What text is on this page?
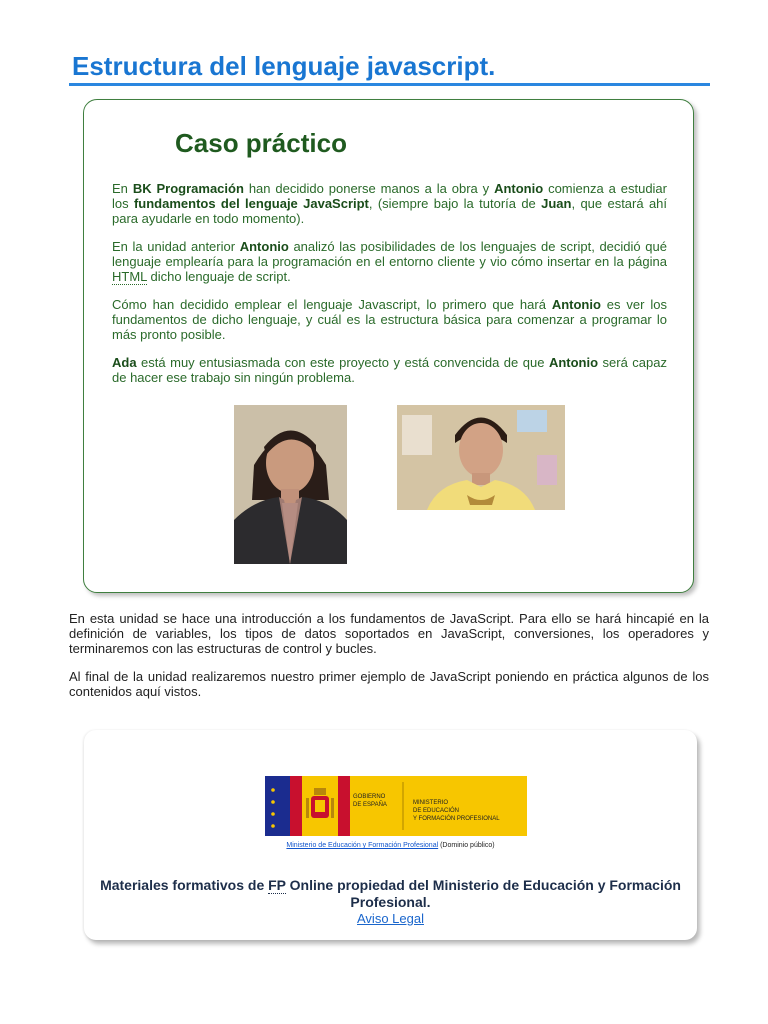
Estructura del lenguaje javascript.
Caso práctico

En BK Programación han decidido ponerse manos a la obra y Antonio comienza a estudiar los fundamentos del lenguaje JavaScript, (siempre bajo la tutoría de Juan, que estará ahí para ayudarle en todo momento).

En la unidad anterior Antonio analizó las posibilidades de los lenguajes de script, decidió qué lenguaje emplearía para la programación en el entorno cliente y vio cómo insertar en la página HTML dicho lenguaje de script.

Cómo han decidido emplear el lenguaje Javascript, lo primero que hará Antonio es ver los fundamentos de dicho lenguaje, y cuál es la estructura básica para comenzar a programar lo más pronto posible.

Ada está muy entusiasmada con este proyecto y está convencida de que Antonio será capaz de hacer ese trabajo sin ningún problema.

En esta unidad se hace una introducción a los fundamentos de JavaScript. Para ello se hará hincapié en la definición de variables, los tipos de datos soportados en JavaScript, conversiones, los operadores y terminaremos con las estructuras de control y bucles.

Al final de la unidad realizaremos nuestro primer ejemplo de JavaScript poniendo en práctica algunos de los contenidos aquí vistos.

GOBIERNO
DE ESPAÑA	MINISTERIO
DE EDUCACIÓN
Y FORMACIÓN PROFESIONAL
Ministerio de Educación y Formación Profesional (Dominio público)
Materiales formativos de FP Online propiedad del Ministerio de Educación y Formación Profesional.
Aviso Legal
